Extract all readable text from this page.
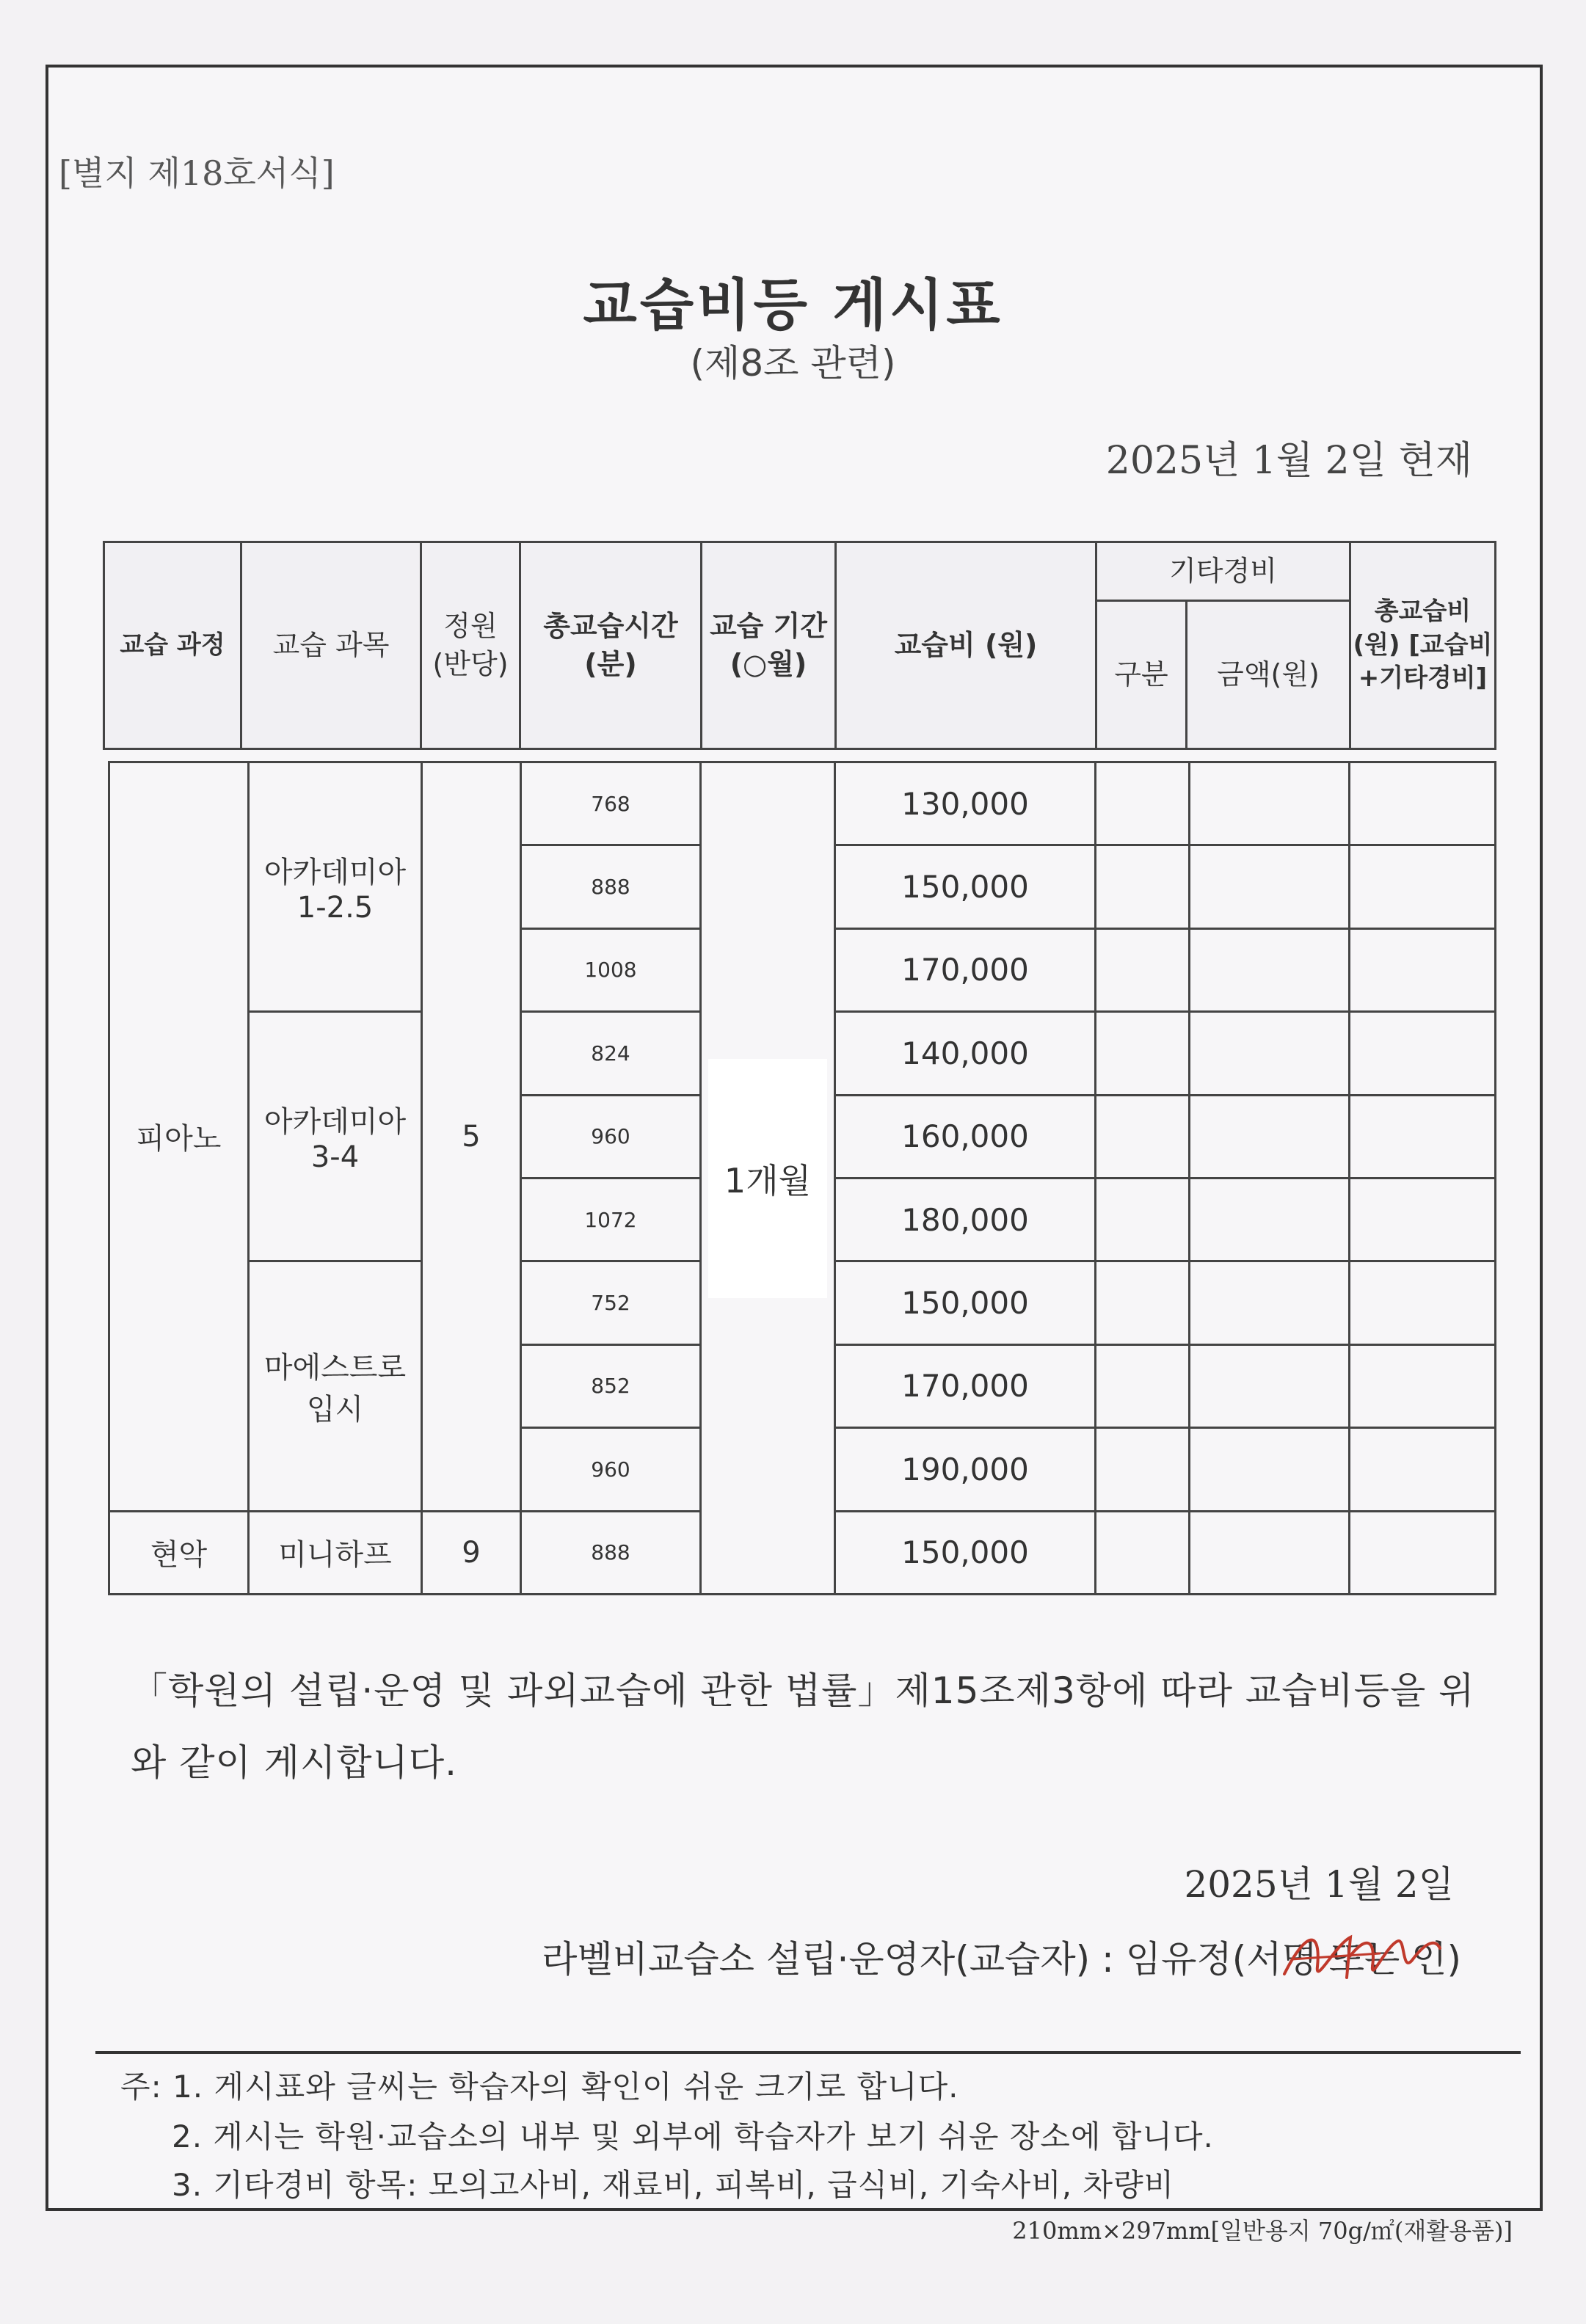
[별지 제18호서식]
교습비등 게시표
(제8조 관련)
2025년 1월 2일 현재
교습 과정	교습 과목	정원 (반당)	총교습시간 (분)	교습 기간 (○월)	교습비 (원)	기타경비		총교습비 (원) [교습비+기타경비]
						구분	금액(원)	
피아노	아카데미아 1-2.5	5	768	1개월	130,000			
			888		150,000			
			1008		170,000			
	아카데미아 3-4		824		140,000			
			960		160,000			
			1072		180,000			
	마에스트로 입시		752		150,000			
			852		170,000			
			960		190,000			
현악	미니하프	9	888		150,000			
「학원의 설립·운영 및 과외교습에 관한 법률」제15조제3항에 따라 교습비등을 위와 같이 게시합니다.
2025년 1월 2일
라벨비교습소 설립·운영자(교습자) : 임유정(서명 또는 인)
주: 1. 게시표와 글씨는 학습자의 확인이 쉬운 크기로 합니다.
2. 게시는 학원·교습소의 내부 및 외부에 학습자가 보기 쉬운 장소에 합니다.
3. 기타경비 항목: 모의고사비, 재료비, 피복비, 급식비, 기숙사비, 차량비
210mm×297mm[일반용지 70g/㎡(재활용품)]
